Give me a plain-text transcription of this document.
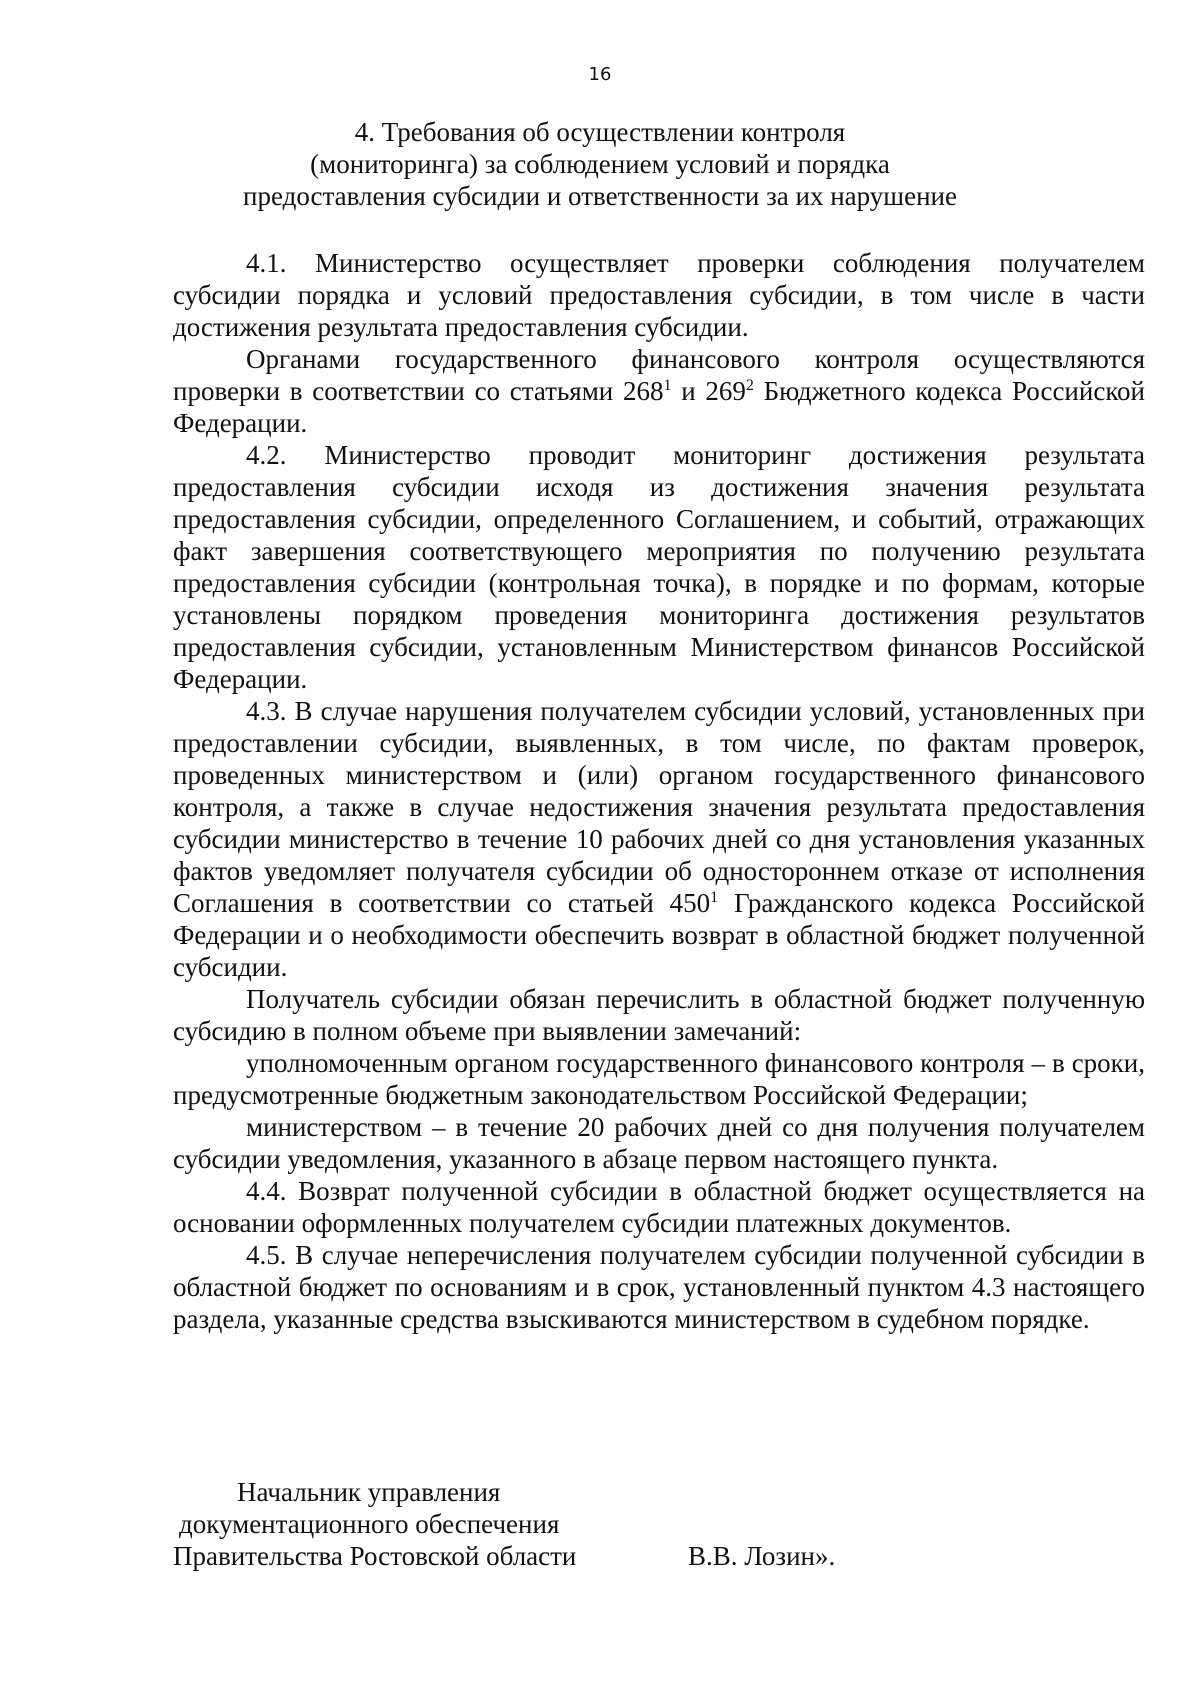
16
4. Требования об осуществлении контроля
(мониторинга) за соблюдением условий и порядка
предоставления субсидии и ответственности за их нарушение

4.1. Министерство осуществляет проверки соблюдения получателем субсидии порядка и условий предоставления субсидии, в том числе в части достижения результата предоставления субсидии.

Органами государственного финансового контроля осуществляются проверки в соответствии со статьями $268^1$ и $269^2$ Бюджетного кодекса Российской Федерации.

4.2. Министерство проводит мониторинг достижения результата предоставления субсидии исходя из достижения значения результата предоставления субсидии, определенного Соглашением, и событий, отражающих факт завершения соответствующего мероприятия по получению результата предоставления субсидии (контрольная точка), в порядке и по формам, которые установлены порядком проведения мониторинга достижения результатов предоставления субсидии, установленным Министерством финансов Российской Федерации.

4.3. В случае нарушения получателем субсидии условий, установленных при предоставлении субсидии, выявленных, в том числе, по фактам проверок, проведенных министерством и (или) органом государственного финансового контроля, а также в случае недостижения значения результата предоставления субсидии министерство в течение 10 рабочих дней со дня установления указанных фактов уведомляет получателя субсидии об одностороннем отказе от исполнения Соглашения в соответствии со статьей $450^1$ Гражданского кодекса Российской Федерации и о необходимости обеспечить возврат в областной бюджет полученной субсидии.

Получатель субсидии обязан перечислить в областной бюджет полученную субсидию в полном объеме при выявлении замечаний:

уполномоченным органом государственного финансового контроля – в сроки, предусмотренные бюджетным законодательством Российской Федерации;

министерством – в течение 20 рабочих дней со дня получения получателем субсидии уведомления, указанного в абзаце первом настоящего пункта.

4.4. Возврат полученной субсидии в областной бюджет осуществляется на основании оформленных получателем субсидии платежных документов.

4.5. В случае неперечисления получателем субсидии полученной субсидии в областной бюджет по основаниям и в срок, установленный пунктом 4.3 настоящего раздела, указанные средства взыскиваются министерством в судебном порядке.

Начальник управления
документационного обеспечения
Правительства Ростовской области	В.В. Лозин».
